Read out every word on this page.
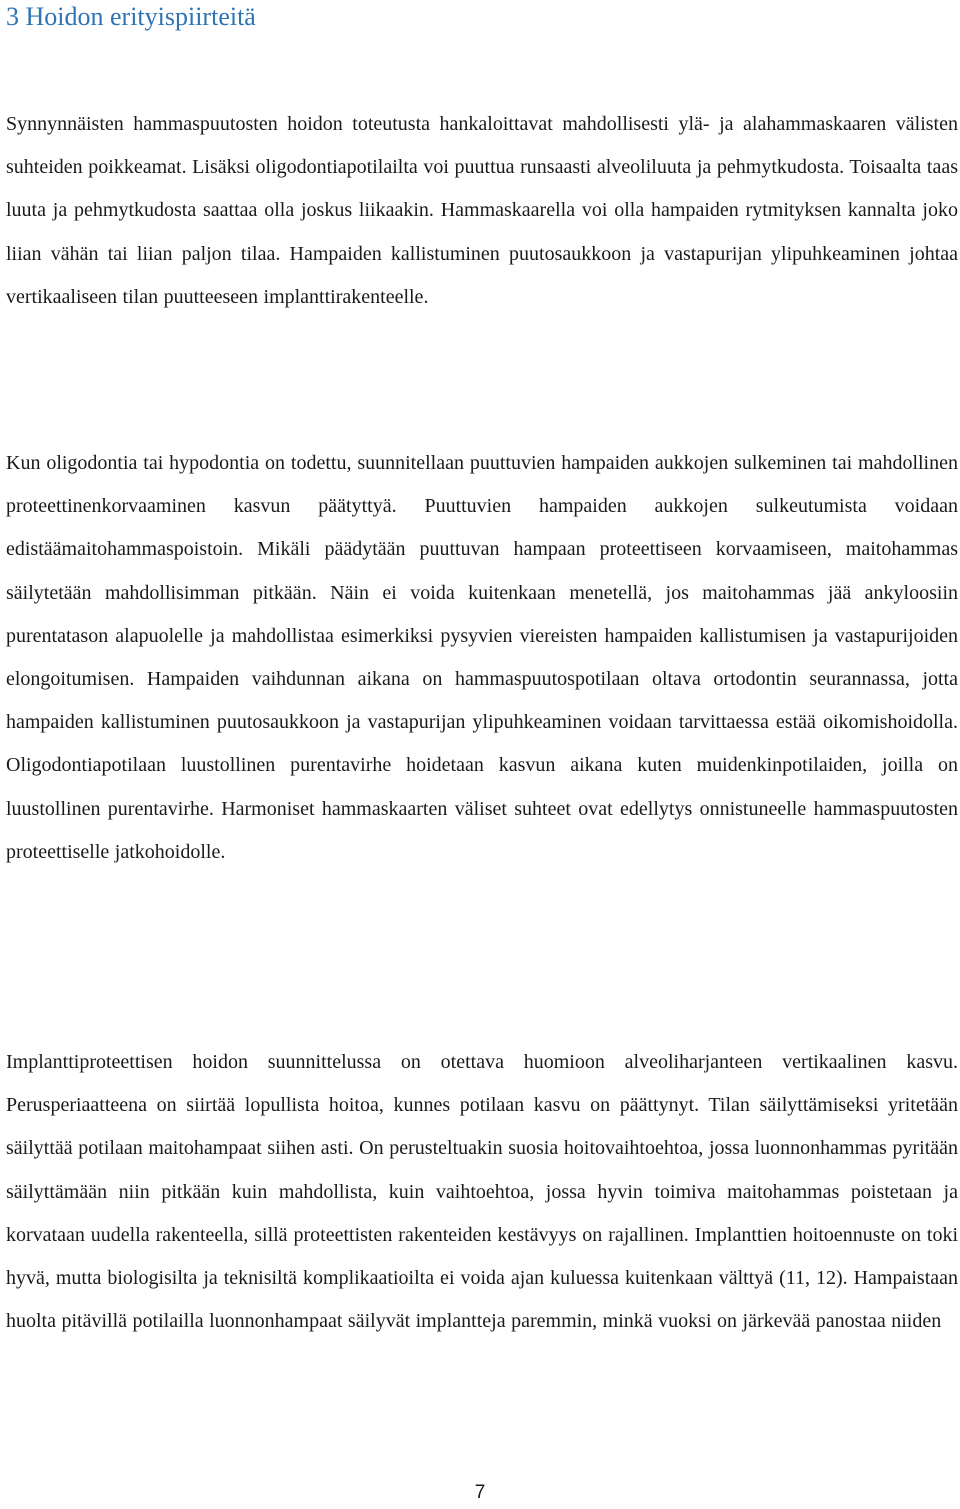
3 Hoidon erityispiirteitä

Synnynnäisten hammaspuutosten hoidon toteutusta hankaloittavat mahdollisesti ylä- ja alahammaskaaren välisten suhteiden poikkeamat. Lisäksi oligodontiapotilailta voi puuttua runsaasti alveoliluuta ja pehmytkudosta. Toisaalta taas luuta ja pehmytkudosta saattaa olla joskus liikaakin. Hammaskaarella voi olla hampaiden rytmityksen kannalta joko liian vähän tai liian paljon tilaa. Hampaiden kallistuminen puutosaukkoon ja vastapurijan ylipuhkeaminen johtaa vertikaaliseen tilan puutteeseen implanttirakenteelle.

Kun oligodontia tai hypodontia on todettu, suunnitellaan puuttuvien hampaiden aukkojen sulkeminen tai mahdollinen proteettinenkorvaaminen kasvun päätyttyä. Puuttuvien hampaiden aukkojen sulkeutumista voidaan edistäämaitohammaspoistoin. Mikäli päädytään puuttuvan hampaan proteettiseen korvaamiseen, maitohammas säilytetään mahdollisimman pitkään. Näin ei voida kuitenkaan menetellä, jos maitohammas jää ankyloosiin purentatason alapuolelle ja mahdollistaa esimerkiksi pysyvien viereisten hampaiden kallistumisen ja vastapurijoiden elongoitumisen. Hampaiden vaihdunnan aikana on hammaspuutospotilaan oltava ortodontin seurannassa, jotta hampaiden kallistuminen puutosaukkoon ja vastapurijan ylipuhkeaminen voidaan tarvittaessa estää oikomishoidolla. Oligodontiapotilaan luustollinen purentavirhe hoidetaan kasvun aikana kuten muidenkinpotilaiden, joilla on luustollinen purentavirhe. Harmoniset hammaskaarten väliset suhteet ovat edellytys onnistuneelle hammaspuutosten proteettiselle jatkohoidolle.

Implanttiproteettisen hoidon suunnittelussa on otettava huomioon alveoliharjanteen vertikaalinen kasvu. Perusperiaatteena on siirtää lopullista hoitoa, kunnes potilaan kasvu on päättynyt. Tilan säilyttämiseksi yritetään säilyttää potilaan maitohampaat siihen asti. On perusteltuakin suosia hoitovaihtoehtoa, jossa luonnonhammas pyritään säilyttämään niin pitkään kuin mahdollista, kuin vaihtoehtoa, jossa hyvin toimiva maitohammas poistetaan ja korvataan uudella rakenteella, sillä proteettisten rakenteiden kestävyys on rajallinen. Implanttien hoitoennuste on toki hyvä, mutta biologisilta ja teknisiltä komplikaatioilta ei voida ajan kuluessa kuitenkaan välttyä (11, 12). Hampaistaan huolta pitävillä potilailla luonnonhampaat säilyvät implantteja paremmin, minkä vuoksi on järkevää panostaa niiden

7
